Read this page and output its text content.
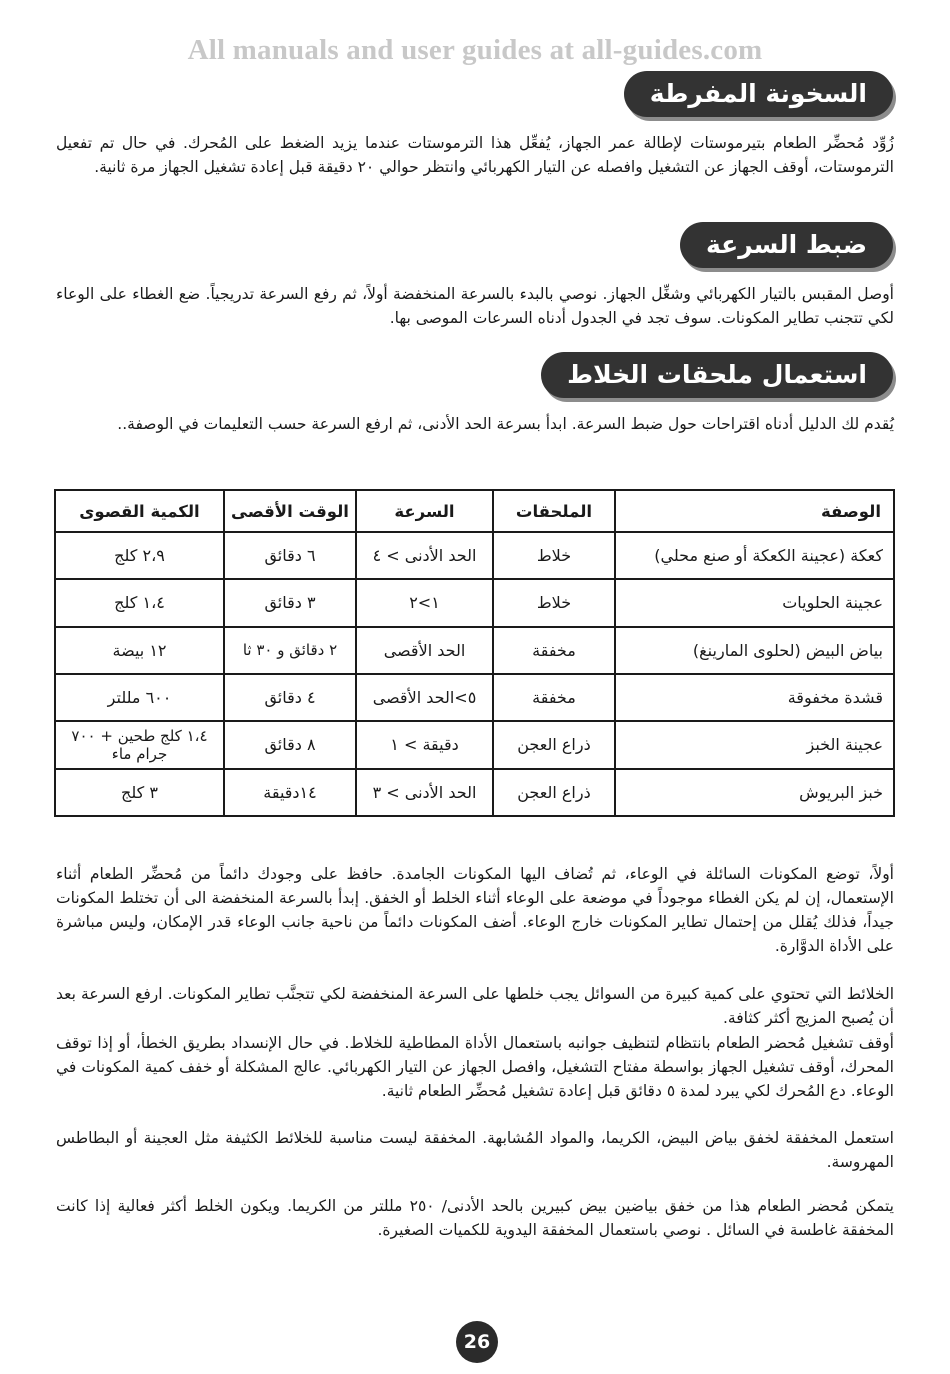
All manuals and user guides at all-guides.com
السخونة المفرطة

زُوِّد مُحضِّر الطعام بتيرموستات لإطالة عمر الجهاز، يُفعِّل هذا الترموستات عندما يزيد الضغط على المُحرك. في حال تم تفعيل الترموستات، أوقف الجهاز عن التشغيل وافصله عن التيار الكهربائي وانتظر حوالي ٢٠ دقيقة قبل إعادة تشغيل الجهاز مرة ثانية.

ضبط السرعة

أوصل المقبس بالتيار الكهربائي وشغِّل الجهاز. نوصي بالبدء بالسرعة المنخفضة أولاً، ثم رفع السرعة تدريجياً. ضع الغطاء على الوعاء لكي تتجنب تطاير المكونات. سوف تجد في الجدول أدناه السرعات الموصى بها.

استعمال ملحقات الخلاط

يُقدم لك الدليل أدناه اقتراحات حول ضبط السرعة. ابدأ بسرعة الحد الأدنى، ثم ارفع السرعة حسب التعليمات في الوصفة..

الوصفة	الملحقات	السرعة	الوقت الأقصى	الكمية القصوى
كعكة (عجينة الكعكة أو صنع محلي)	خلاط	الحد الأدنى > ٤	٦ دقائق	٢،٩ كلج
عجينة الحلويات	خلاط	١>٢	٣ دقائق	١،٤ كلج
بياض البيض (لحلوى المارينغ)	مخفقة	الحد الأقصى	٢ دقائق و ٣٠ ثا	١٢ بيضة
قشدة مخفوقة	مخفقة	٥>الحد الأقصى	٤ دقائق	٦٠٠ مللتر
عجينة الخبز	ذراع العجن	دقيقة > ١	٨ دقائق	١،٤ كلج طحين + ٧٠٠ جرام ماء
خبز البريوش	ذراع العجن	الحد الأدنى > ٣	١٤دقيقة	٣ كلج

أولاً، توضع المكونات السائلة في الوعاء، ثم تُضاف اليها المكونات الجامدة. حافظ على وجودك دائماً من مُحضِّر الطعام أثناء الإستعمال، إن لم يكن الغطاء موجوداً في موضعة على الوعاء أثناء الخلط أو الخفق. إبدأ بالسرعة المنخفضة الى أن تختلط المكونات جيداً، فذلك يُقلل من إحتمال تطاير المكونات خارج الوعاء. أضف المكونات دائماً من ناحية جانب الوعاء قدر الإمكان، وليس مباشرة على الأداة الدوَّارة.

الخلائط التي تحتوي على كمية كبيرة من السوائل يجب خلطها على السرعة المنخفضة لكي تتجنَّب تطاير المكونات. ارفع السرعة بعد أن يُصبح المزيج أكثر كثافة.

أوقف تشغيل مُحضر الطعام بانتظام لتنظيف جوانبه باستعمال الأداة المطاطية للخلاط. في حال الإنسداد بطريق الخطأ، أو إذا توقف المحرك، أوقف تشغيل الجهاز بواسطة مفتاح التشغيل، وافصل الجهاز عن التيار الكهربائي. عالج المشكلة أو خفف كمية المكونات في الوعاء. دع المُحرك لكي يبرد لمدة ٥ دقائق قبل إعادة تشغيل مُحضِّر الطعام ثانية.

استعمل المخفقة لخفق بياض البيض، الكريما، والمواد المُشابهة. المخفقة ليست مناسبة للخلائط الكثيفة مثل العجينة أو البطاطس المهروسة.

يتمكن مُحضر الطعام هذا من خفق بياضين بيض كبيرين بالحد الأدنى/ ٢٥٠ مللتر من الكريما. ويكون الخلط أكثر فعالية إذا كانت المخفقة غاطسة في السائل . نوصي باستعمال المخفقة اليدوية للكميات الصغيرة.

26
